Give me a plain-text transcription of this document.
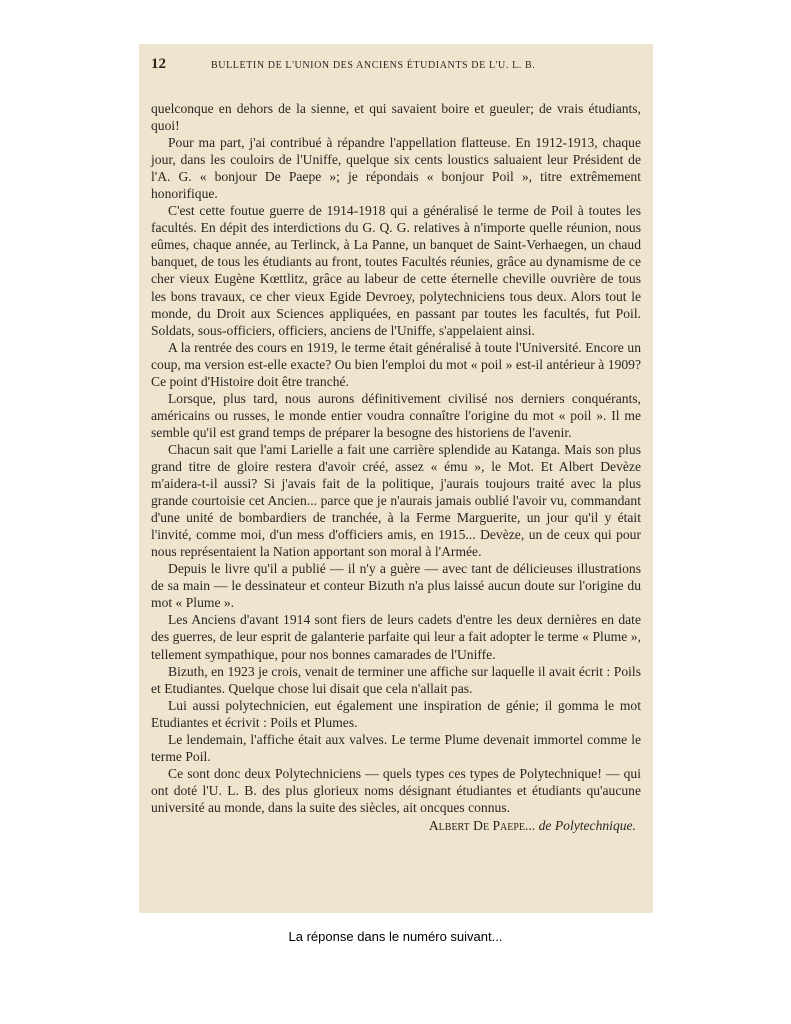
12	BULLETIN DE L'UNION DES ANCIENS ÉTUDIANTS DE L'U. L. B.

quelconque en dehors de la sienne, et qui savaient boire et gueuler; de vrais étudiants, quoi!

Pour ma part, j'ai contribué à répandre l'appellation flatteuse. En 1912-1913, chaque jour, dans les couloirs de l'Uniffe, quelque six cents loustics saluaient leur Président de l'A. G. « bonjour De Paepe »; je répondais « bonjour Poil », titre extrêmement honorifique.

C'est cette foutue guerre de 1914-1918 qui a généralisé le terme de Poil à toutes les facultés. En dépit des interdictions du G. Q. G. relatives à n'importe quelle réunion, nous eûmes, chaque année, au Terlinck, à La Panne, un banquet de Saint-Verhaegen, un chaud banquet, de tous les étudiants au front, toutes Facultés réunies, grâce au dynamisme de ce cher vieux Eugène Kœttlitz, grâce au labeur de cette éternelle cheville ouvrière de tous les bons travaux, ce cher vieux Egide Devroey, polytechniciens tous deux. Alors tout le monde, du Droit aux Sciences appliquées, en passant par toutes les facultés, fut Poil. Soldats, sous-officiers, officiers, anciens de l'Uniffe, s'appelaient ainsi.

A la rentrée des cours en 1919, le terme était généralisé à toute l'Université. Encore un coup, ma version est-elle exacte? Ou bien l'emploi du mot « poil » est-il antérieur à 1909? Ce point d'Histoire doit être tranché.

Lorsque, plus tard, nous aurons définitivement civilisé nos derniers conquérants, américains ou russes, le monde entier voudra connaître l'origine du mot « poil ». Il me semble qu'il est grand temps de préparer la besogne des historiens de l'avenir.

Chacun sait que l'ami Larielle a fait une carrière splendide au Katanga. Mais son plus grand titre de gloire restera d'avoir créé, assez « ému », le Mot. Et Albert Devèze m'aidera-t-il aussi? Si j'avais fait de la politique, j'aurais toujours traité avec la plus grande courtoisie cet Ancien... parce que je n'aurais jamais oublié l'avoir vu, commandant d'une unité de bombardiers de tranchée, à la Ferme Marguerite, un jour qu'il y était l'invité, comme moi, d'un mess d'officiers amis, en 1915... Devèze, un de ceux qui pour nous représentaient la Nation apportant son moral à l'Armée.

Depuis le livre qu'il a publié — il n'y a guère — avec tant de délicieuses illustrations de sa main — le dessinateur et conteur Bizuth n'a plus laissé aucun doute sur l'origine du mot « Plume ».

Les Anciens d'avant 1914 sont fiers de leurs cadets d'entre les deux dernières en date des guerres, de leur esprit de galanterie parfaite qui leur a fait adopter le terme « Plume », tellement sympathique, pour nos bonnes camarades de l'Uniffe.

Bizuth, en 1923 je crois, venait de terminer une affiche sur laquelle il avait écrit : Poils et Etudiantes. Quelque chose lui disait que cela n'allait pas.

Lui aussi polytechnicien, eut également une inspiration de génie; il gomma le mot Etudiantes et écrivit : Poils et Plumes.

Le lendemain, l'affiche était aux valves. Le terme Plume devenait immortel comme le terme Poil.

Ce sont donc deux Polytechniciens — quels types ces types de Polytechnique! — qui ont doté l'U. L. B. des plus glorieux noms désignant étudiantes et étudiants qu'aucune université au monde, dans la suite des siècles, ait oncques connus.

Albert De Paepe... de Polytechnique.
La réponse dans le numéro suivant...
